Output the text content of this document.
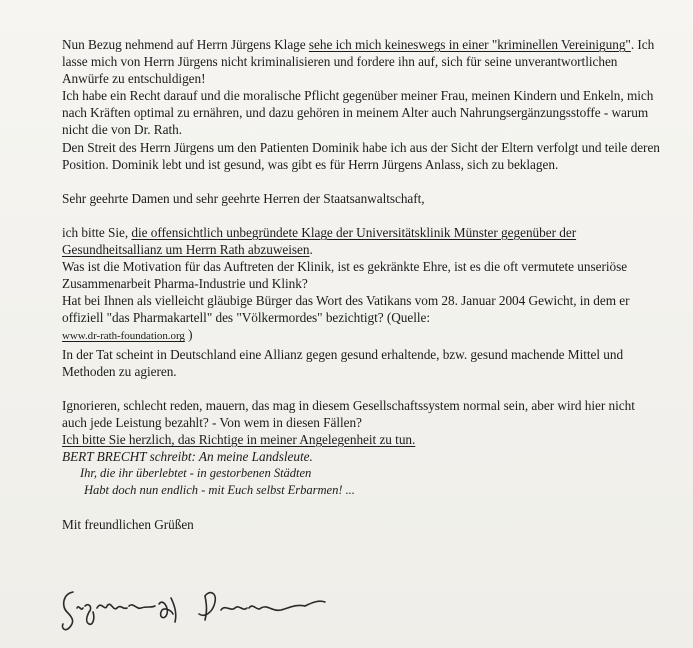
Nun Bezug nehmend auf Herrn Jürgens Klage sehe ich mich keineswegs in einer "kriminellen Vereinigung". Ich lasse mich von Herrn Jürgens nicht kriminalisieren und fordere ihn auf, sich für seine unverantwortlichen Anwürfe zu entschuldigen!

Ich habe ein Recht darauf und die moralische Pflicht gegenüber meiner Frau, meinen Kindern und Enkeln, mich nach Kräften optimal zu ernähren, und dazu gehören in meinem Alter auch Nahrungsergänzungsstoffe - warum nicht die von Dr. Rath.

Den Streit des Herrn Jürgens um den Patienten Dominik habe ich aus der Sicht der Eltern verfolgt und teile deren Position. Dominik lebt und ist gesund, was gibt es für Herrn Jürgens Anlass, sich zu beklagen.

Sehr geehrte Damen und sehr geehrte Herren der Staatsanwaltschaft,

ich bitte Sie, die offensichtlich unbegründete Klage der Universitätsklinik Münster gegenüber der Gesundheitsallianz um Herrn Rath abzuweisen.

Was ist die Motivation für das Auftreten der Klinik, ist es gekränkte Ehre, ist es die oft vermutete unseriöse Zusammenarbeit Pharma-Industrie und Klink?

Hat bei Ihnen als vielleicht gläubige Bürger das Wort des Vatikans vom 28. Januar 2004 Gewicht, in dem er offiziell "das Pharmakartell" des "Völkermordes" bezichtigt? (Quelle:

www.dr-rath-foundation.org )

In der Tat scheint in Deutschland eine Allianz gegen gesund erhaltende, bzw. gesund machende Mittel und Methoden zu agieren.

Ignorieren, schlecht reden, mauern, das mag in diesem Gesellschaftssystem normal sein, aber wird hier nicht auch jede Leistung bezahlt? - Von wem in diesen Fällen?

Ich bitte Sie herzlich, das Richtige in meiner Angelegenheit zu tun.

BERT BRECHT schreibt: An meine Landsleute.

Ihr, die ihr überlebtet - in gestorbenen Städten

Habt doch nun endlich - mit Euch selbst Erbarmen! ...

Mit freundlichen Grüßen
